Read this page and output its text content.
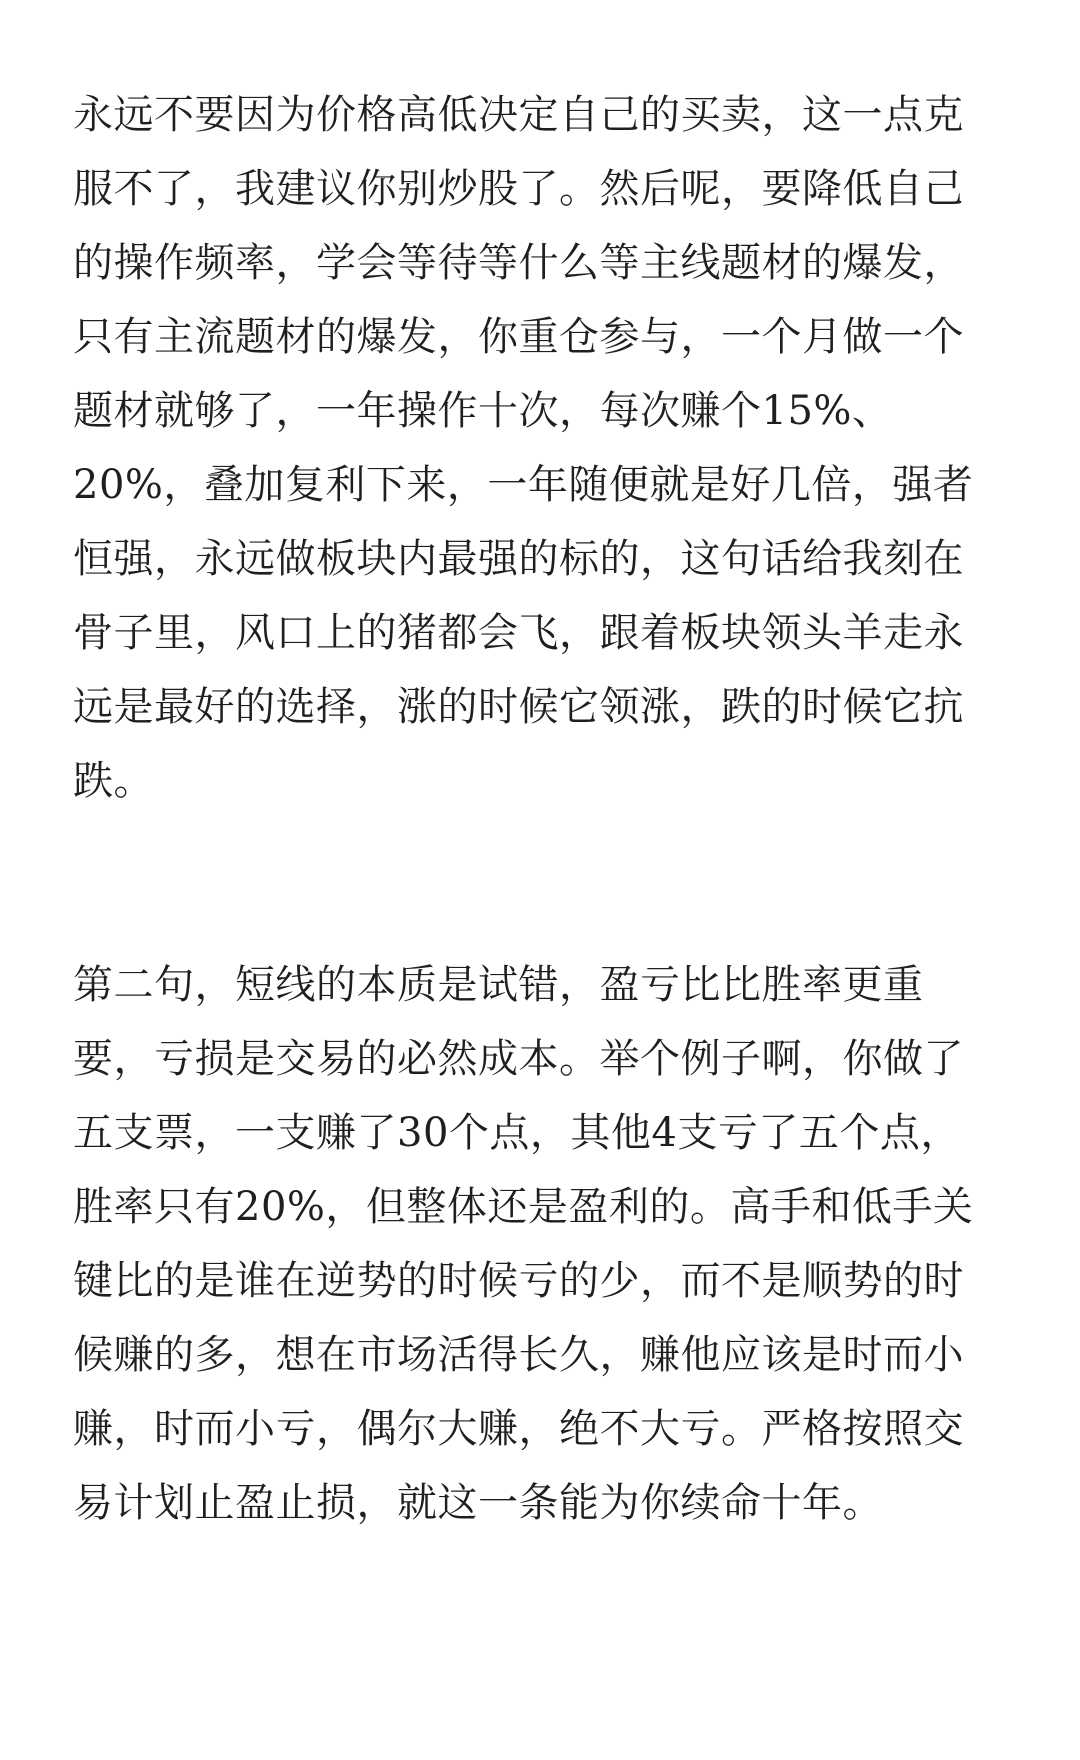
永远不要因为价格高低决定自己的买卖，这一点克
服不了，我建议你别炒股了。然后呢，要降低自己
的操作频率，学会等待等什么等主线题材的爆发，
只有主流题材的爆发，你重仓参与，一个月做一个
题材就够了，一年操作十次，每次赚个15%、
20%，叠加复利下来，一年随便就是好几倍，强者
恒强，永远做板块内最强的标的，这句话给我刻在
骨子里，风口上的猪都会飞，跟着板块领头羊走永
远是最好的选择，涨的时候它领涨，跌的时候它抗
跌。
第二句，短线的本质是试错，盈亏比比胜率更重
要，亏损是交易的必然成本。举个例子啊，你做了
五支票，一支赚了30个点，其他4支亏了五个点，
胜率只有20%，但整体还是盈利的。高手和低手关
键比的是谁在逆势的时候亏的少，而不是顺势的时
候赚的多，想在市场活得长久，赚他应该是时而小
赚，时而小亏，偶尔大赚，绝不大亏。严格按照交
易计划止盈止损，就这一条能为你续命十年。
